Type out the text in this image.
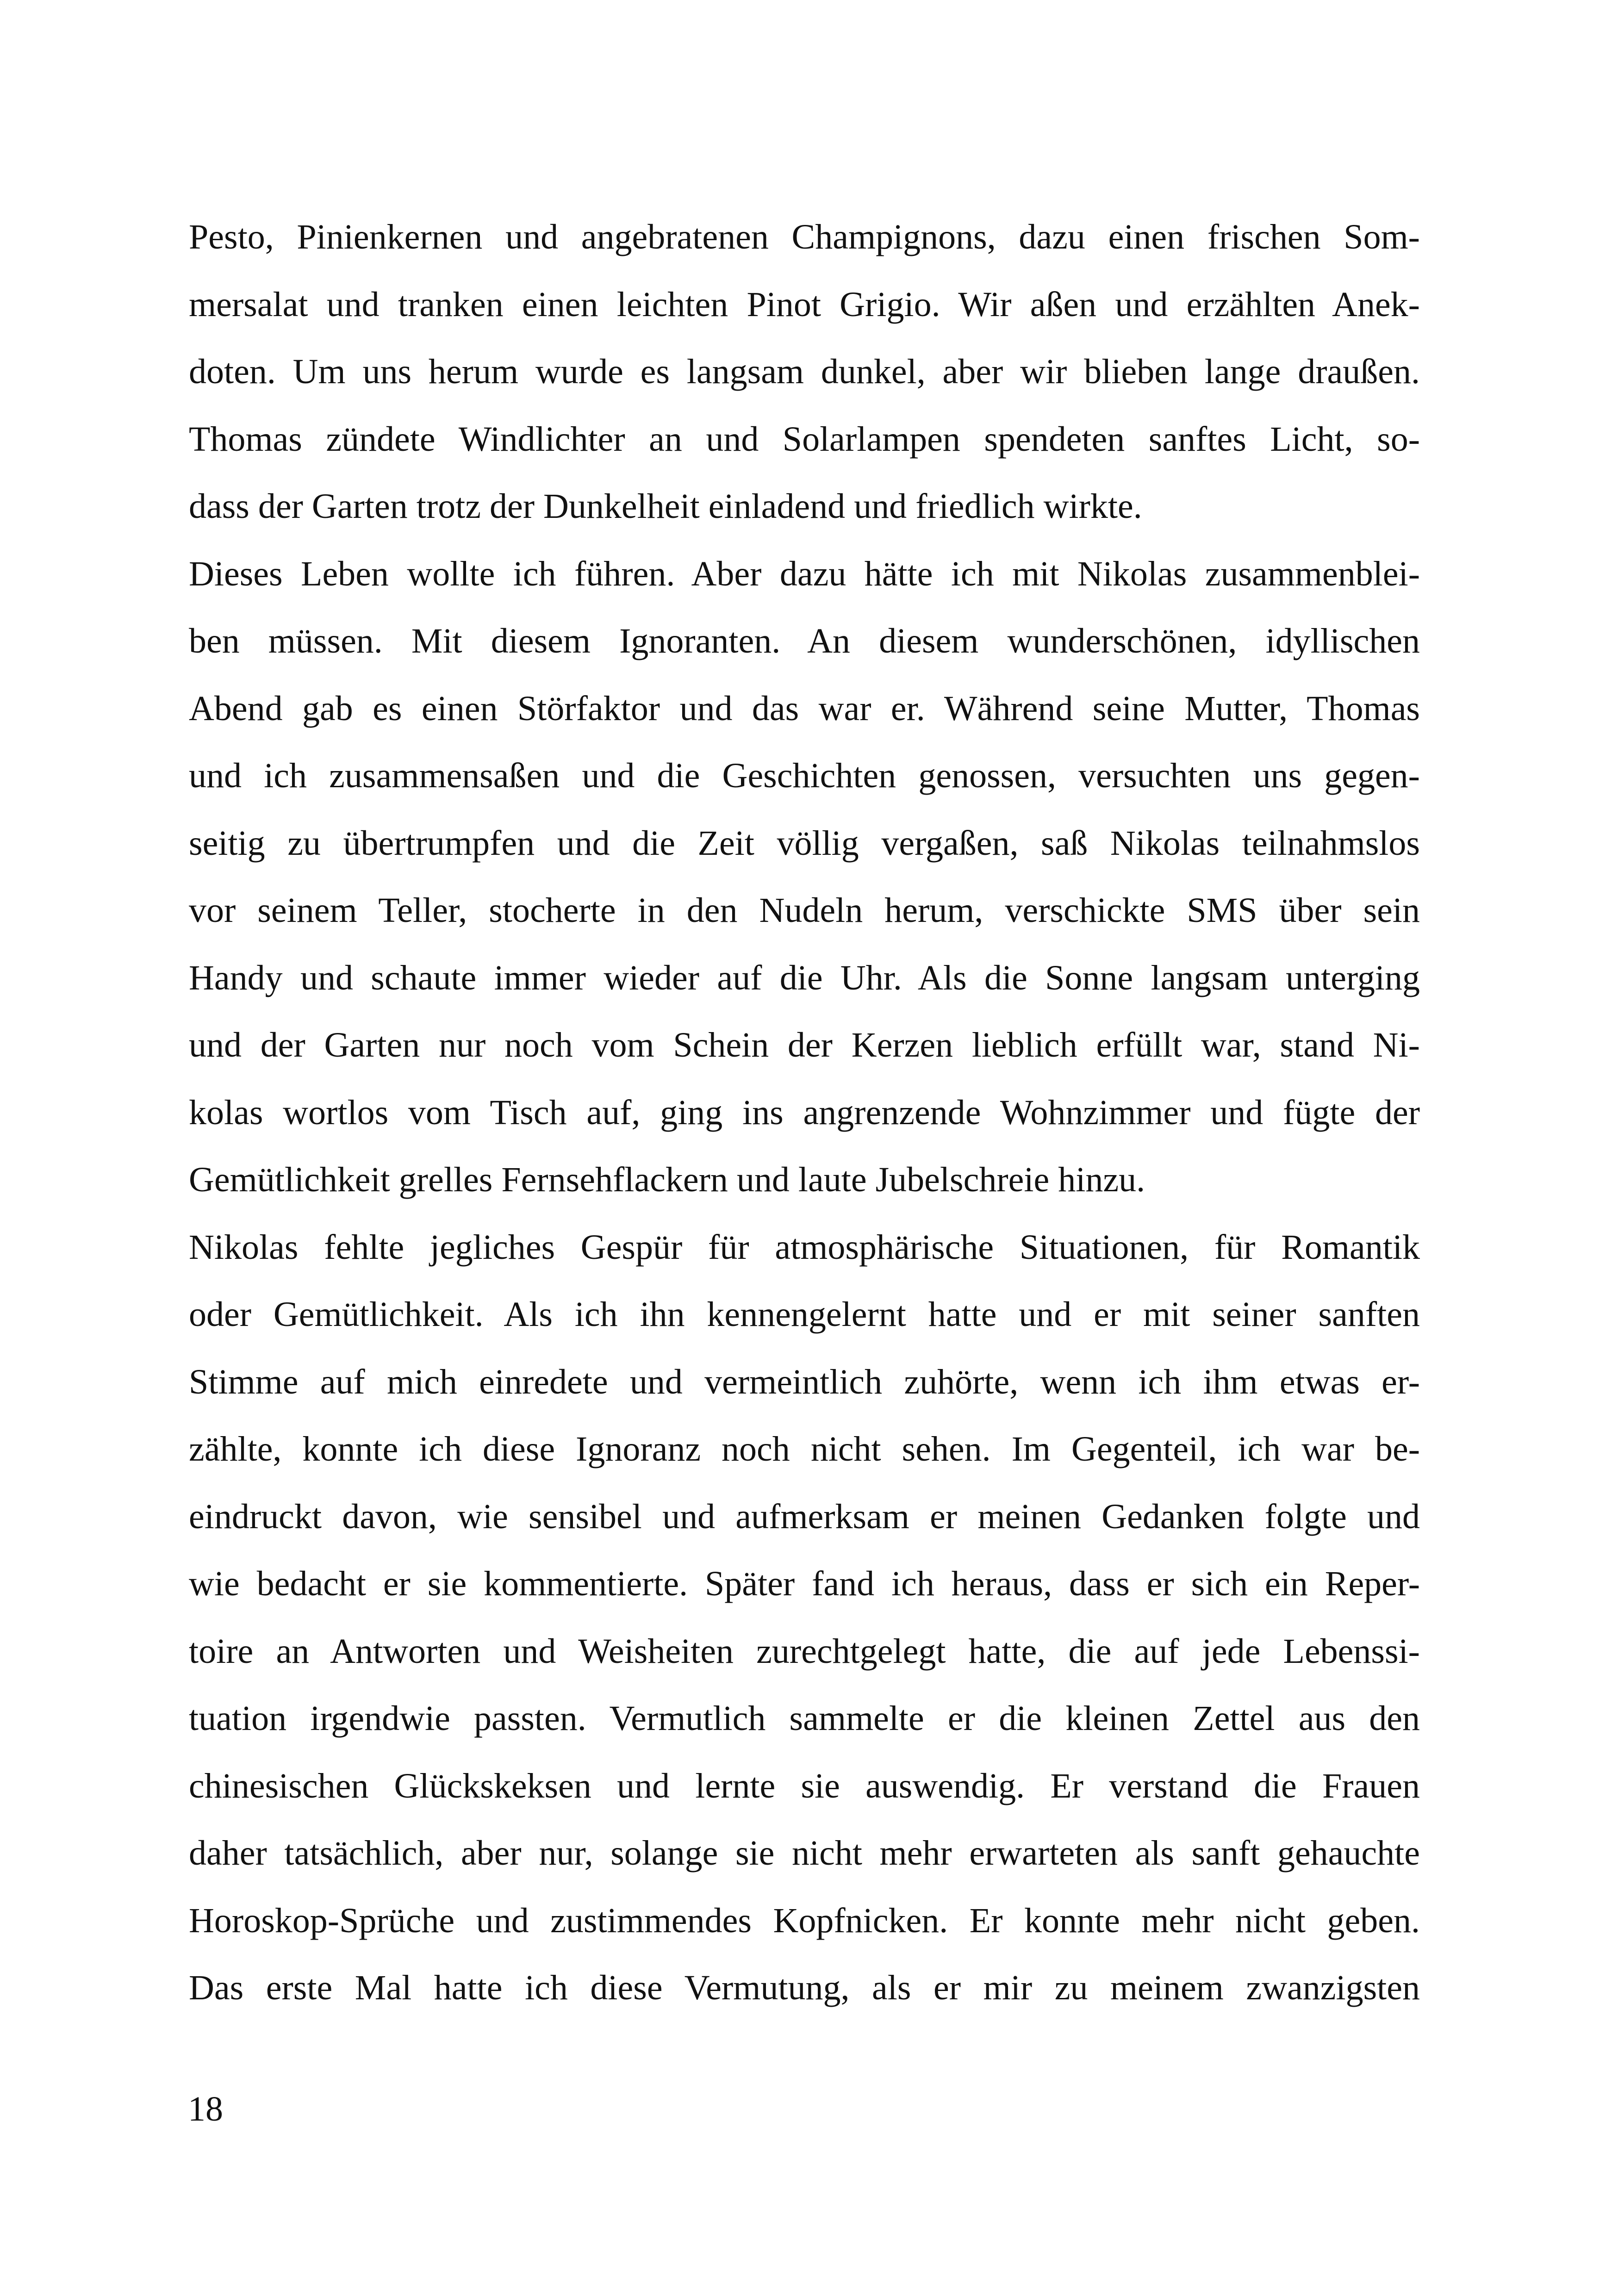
Pesto, Pinienkernen und angebratenen Champignons, dazu einen frischen Som-
mersalat und tranken einen leichten Pinot Grigio. Wir aßen und erzählten Anek-
doten. Um uns herum wurde es langsam dunkel, aber wir blieben lange draußen.
Thomas zündete Windlichter an und Solarlampen spendeten sanftes Licht, so-
dass der Garten trotz der Dunkelheit einladend und friedlich wirkte.
Dieses Leben wollte ich führen. Aber dazu hätte ich mit Nikolas zusammenblei-
ben müssen. Mit diesem Ignoranten. An diesem wunderschönen, idyllischen
Abend gab es einen Störfaktor und das war er. Während seine Mutter, Thomas
und ich zusammensaßen und die Geschichten genossen, versuchten uns gegen-
seitig zu übertrumpfen und die Zeit völlig vergaßen, saß Nikolas teilnahmslos
vor seinem Teller, stocherte in den Nudeln herum, verschickte SMS über sein
Handy und schaute immer wieder auf die Uhr. Als die Sonne langsam unterging
und der Garten nur noch vom Schein der Kerzen lieblich erfüllt war, stand Ni-
kolas wortlos vom Tisch auf, ging ins angrenzende Wohnzimmer und fügte der
Gemütlichkeit grelles Fernsehflackern und laute Jubelschreie hinzu.
Nikolas fehlte jegliches Gespür für atmosphärische Situationen, für Romantik
oder Gemütlichkeit. Als ich ihn kennengelernt hatte und er mit seiner sanften
Stimme auf mich einredete und vermeintlich zuhörte, wenn ich ihm etwas er-
zählte, konnte ich diese Ignoranz noch nicht sehen. Im Gegenteil, ich war be-
eindruckt davon, wie sensibel und aufmerksam er meinen Gedanken folgte und
wie bedacht er sie kommentierte. Später fand ich heraus, dass er sich ein Reper-
toire an Antworten und Weisheiten zurechtgelegt hatte, die auf jede Lebenssi-
tuation irgendwie passten. Vermutlich sammelte er die kleinen Zettel aus den
chinesischen Glückskeksen und lernte sie auswendig. Er verstand die Frauen
daher tatsächlich, aber nur, solange sie nicht mehr erwarteten als sanft gehauchte
Horoskop-Sprüche und zustimmendes Kopfnicken. Er konnte mehr nicht geben.
Das erste Mal hatte ich diese Vermutung, als er mir zu meinem zwanzigsten
18
